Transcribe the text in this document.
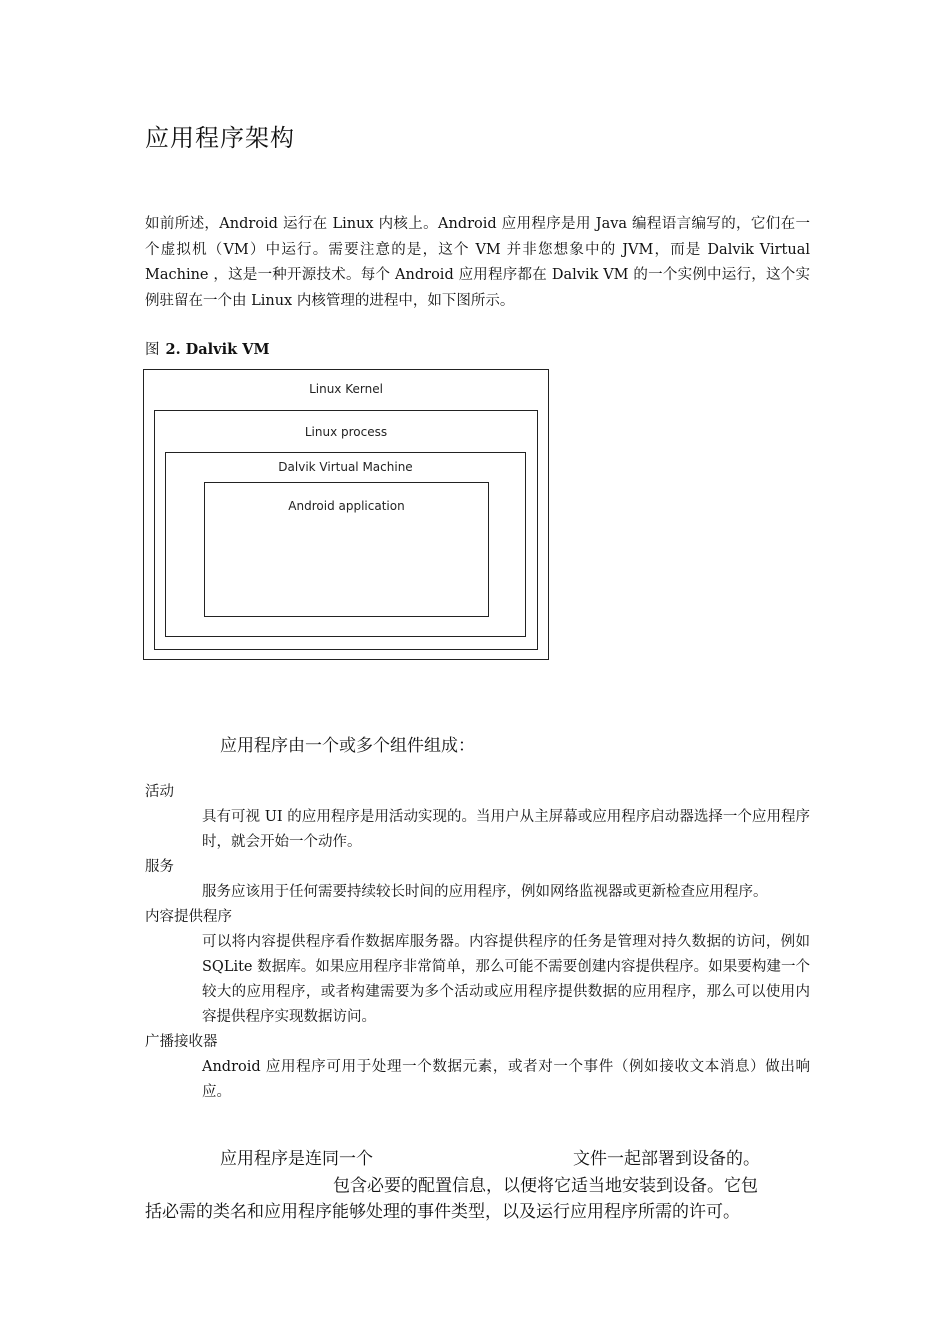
应用程序架构

如前所述，Android 运行在 Linux 内核上。Android 应用程序是用 Java 编程语言编写的，它们在一个虚拟机（VM）中运行。需要注意的是，这个 VM 并非您想象中的 JVM，而是 Dalvik Virtual Machine ，这是一种开源技术。每个 Android 应用程序都在 Dalvik VM 的一个实例中运行，这个实例驻留在一个由 Linux 内核管理的进程中，如下图所示。

图 2. Dalvik VM
Linux Kernel
Linux process
Dalvik Virtual Machine
Android application
应用程序由一个或多个组件组成：
活动
具有可视 UI 的应用程序是用活动实现的。当用户从主屏幕或应用程序启动器选择一个应用程序时，就会开始一个动作。
服务
服务应该用于任何需要持续较长时间的应用程序，例如网络监视器或更新检查应用程序。
内容提供程序
可以将内容提供程序看作数据库服务器。内容提供程序的任务是管理对持久数据的访问，例如 SQLite 数据库。如果应用程序非常简单，那么可能不需要创建内容提供程序。如果要构建一个较大的应用程序，或者构建需要为多个活动或应用程序提供数据的应用程序，那么可以使用内容提供程序实现数据访问。
广播接收器
Android 应用程序可用于处理一个数据元素，或者对一个事件（例如接收文本消息）做出响应。
应用程序是连同一个	文件一起部署到设备的。
包含必要的配置信息，以便将它适当地安装到设备。它包
括必需的类名和应用程序能够处理的事件类型，以及运行应用程序所需的许可。
